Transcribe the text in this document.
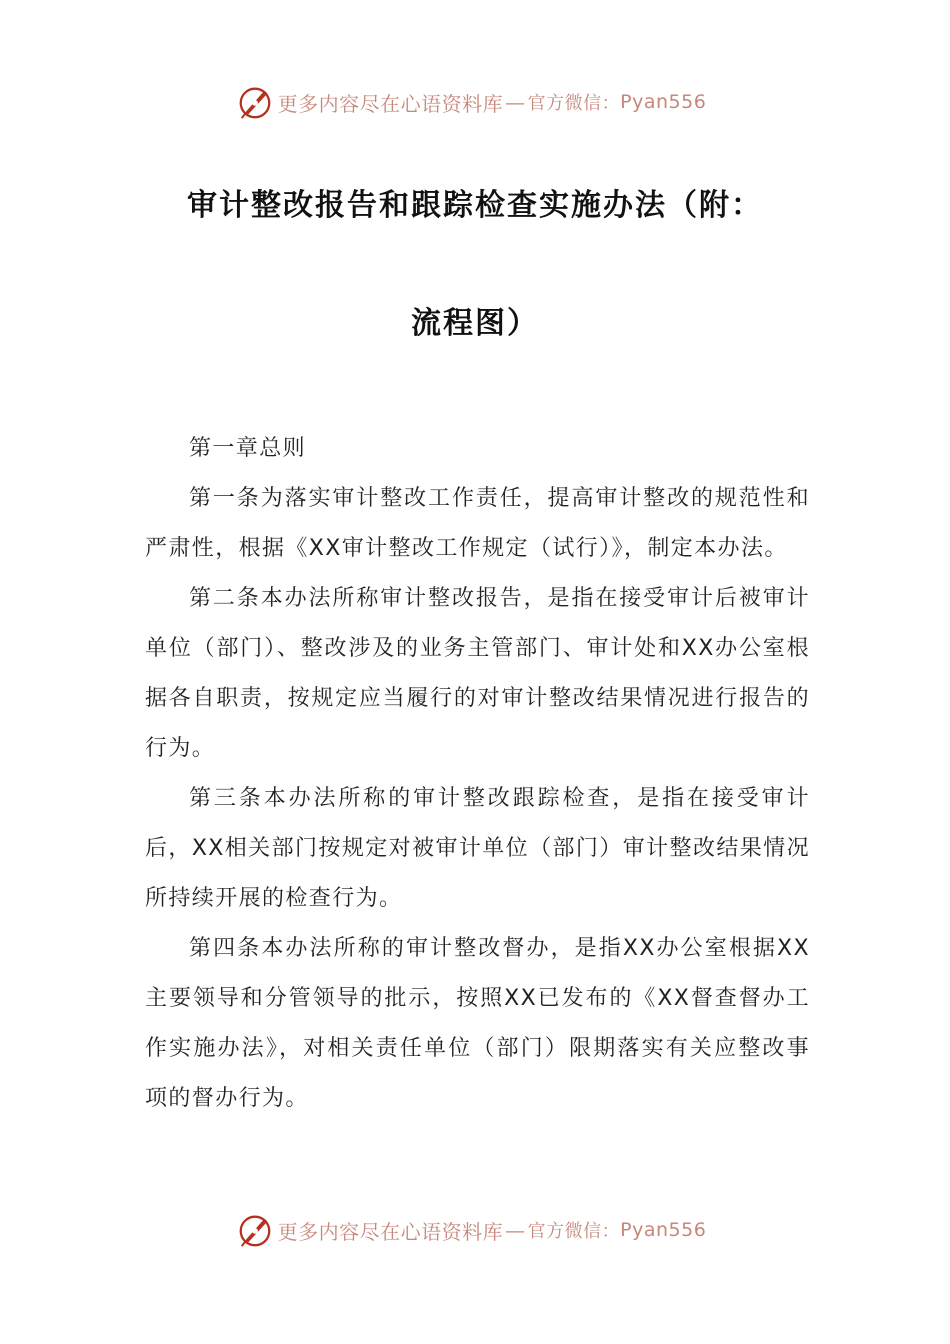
更多内容尽在心语资料库 — 官方微信： Pyan556
审计整改报告和跟踪检查实施办法（附：
流程图）

第一章总则

第一条为落实审计整改工作责任，提高审计整改的规范性和严肃性，根据《XX审计整改工作规定（试行）》，制定本办法。

第二条本办法所称审计整改报告，是指在接受审计后被审计单位（部门）、整改涉及的业务主管部门、审计处和XX办公室根据各自职责，按规定应当履行的对审计整改结果情况进行报告的行为。

第三条本办法所称的审计整改跟踪检查，是指在接受审计后，XX相关部门按规定对被审计单位（部门）审计整改结果情况所持续开展的检查行为。

第四条本办法所称的审计整改督办，是指XX办公室根据XX主要领导和分管领导的批示，按照XX已发布的《XX督查督办工作实施办法》，对相关责任单位（部门）限期落实有关应整改事项的督办行为。

更多内容尽在心语资料库 — 官方微信： Pyan556
